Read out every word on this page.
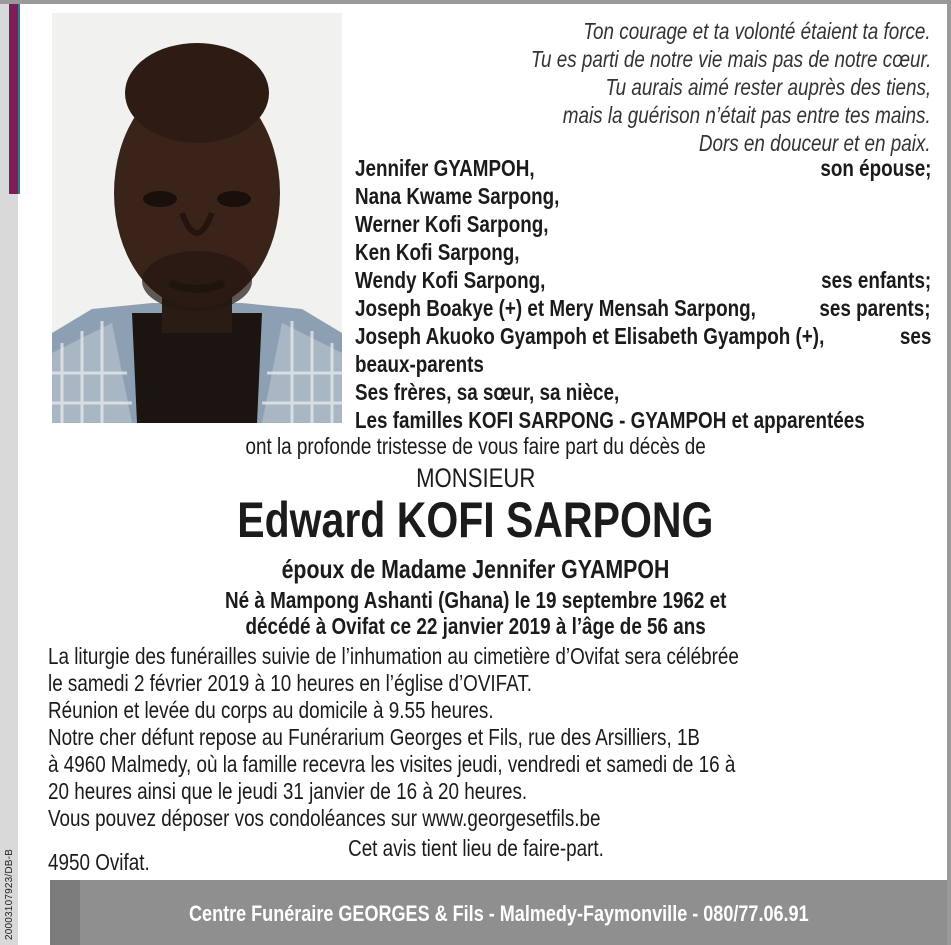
20003107923/DB-B
Ton courage et ta volonté étaient ta force.
Tu es parti de notre vie mais pas de notre cœur.
Tu aurais aimé rester auprès des tiens,
mais la guérison n’était pas entre tes mains.
Dors en douceur et en paix.
Jennifer GYAMPOH,	son épouse;
Nana Kwame Sarpong,
Werner Kofi Sarpong,
Ken Kofi Sarpong,
Wendy Kofi Sarpong,	ses enfants;
Joseph Boakye (+) et Mery Mensah Sarpong,	ses parents;
Joseph Akuoko Gyampoh et Elisabeth Gyampoh (+),	ses
beaux-parents
Ses frères, sa sœur, sa nièce,
Les familles KOFI SARPONG - GYAMPOH et apparentées
ont la profonde tristesse de vous faire part du décès de
MONSIEUR
Edward KOFI SARPONG
époux de Madame Jennifer GYAMPOH
Né à Mampong Ashanti (Ghana) le 19 septembre 1962 et
décédé à Ovifat ce 22 janvier 2019 à l’âge de 56 ans
La liturgie des funérailles suivie de l’inhumation au cimetière d’Ovifat sera célébrée
le samedi 2 février 2019 à 10 heures en l’église d’OVIFAT.
Réunion et levée du corps au domicile à 9.55 heures.
Notre cher défunt repose au Funérarium Georges et Fils, rue des Arsilliers, 1B
à 4960 Malmedy, où la famille recevra les visites jeudi, vendredi et samedi de 16 à
20 heures ainsi que le jeudi 31 janvier de 16 à 20 heures.
Vous pouvez déposer vos condoléances sur www.georgesetfils.be
Cet avis tient lieu de faire-part.
4950 Ovifat.
Centre Funéraire GEORGES & Fils - Malmedy-Faymonville - 080/77.06.91
